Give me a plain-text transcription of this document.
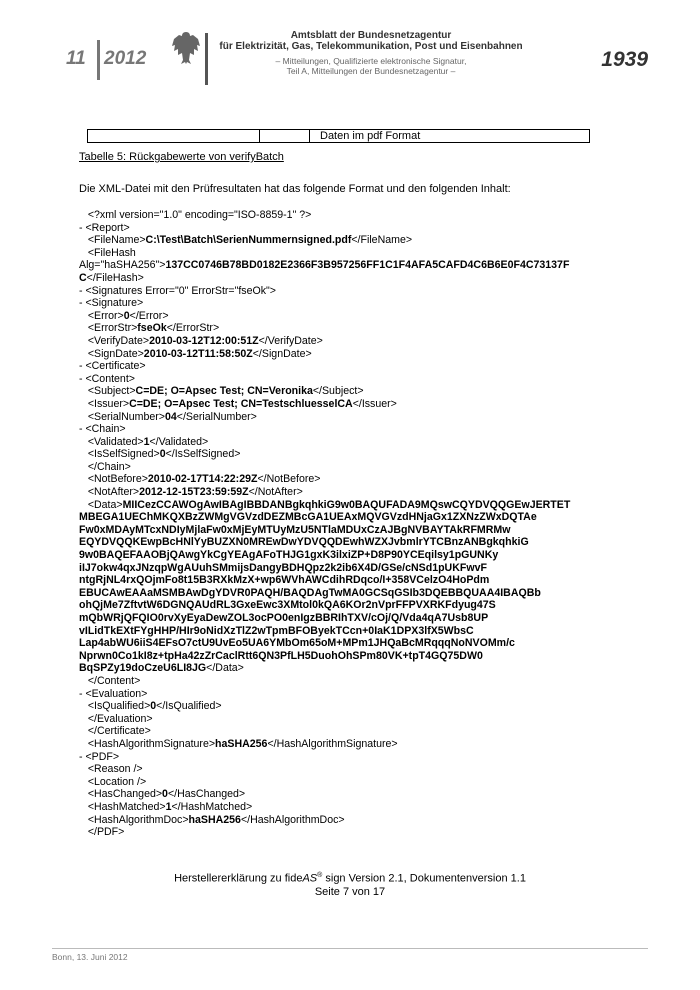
11 2012
Amtsblatt der Bundesnetzagentur
für Elektrizität, Gas, Telekommunikation, Post und Eisenbahnen
– Mitteilungen, Qualifizierte elektronische Signatur,
Teil A, Mitteilungen der Bundesnetzagentur –	1939
Daten im pdf Format
Tabelle 5: Rückgabewerte von verifyBatch
Die XML-Datei mit den Prüfresultaten hat das folgende Format und den folgenden Inhalt:
<?xml version="1.0" encoding="ISO-8859-1" ?>
- <Report>
<FileName>C:\Test\Batch\SerienNummernsigned.pdf</FileName>
<FileHash
Alg="haSHA256">137CC0746B78BD0182E2366F3B957256FF1C1F4AFA5CAFD4C6B6E0F4C73137F
C</FileHash>
- <Signatures Error="0" ErrorStr="fseOk">
- <Signature>
<Error>0</Error>
<ErrorStr>fseOk</ErrorStr>
<VerifyDate>2010-03-12T12:00:51Z</VerifyDate>
<SignDate>2010-03-12T11:58:50Z</SignDate>
- <Certificate>
- <Content>
<Subject>C=DE; O=Apsec Test; CN=Veronika</Subject>
<Issuer>C=DE; O=Apsec Test; CN=TestschluesselCA</Issuer>
<SerialNumber>04</SerialNumber>
- <Chain>
<Validated>1</Validated>
<IsSelfSigned>0</IsSelfSigned>
</Chain>
<NotBefore>2010-02-17T14:22:29Z</NotBefore>
<NotAfter>2012-12-15T23:59:59Z</NotAfter>
<Data>MIICezCCAWOgAwIBAgIBBDANBgkqhkiG9w0BAQUFADA9MQswCQYDVQQGEwJERTET
MBEGA1UEChMKQXBzZWMgVGVzdDEZMBcGA1UEAxMQVGVzdHNjaGx1ZXNzZWxDQTAe
Fw0xMDAyMTcxNDIyMjlaFw0xMjEyMTUyMzU5NTlaMDUxCzAJBgNVBAYTAkRFMRMw
EQYDVQQKEwpBcHNlYyBUZXN0MREwDwYDVQQDEwhWZXJvbmlrYTCBnzANBgkqhkiG
9w0BAQEFAAOBjQAwgYkCgYEAgAFoTHJG1gxK3ilxiZP+D8P90YCEqilsy1pGUNKy
iIJ7okw4qxJNzqpWgAUuhSMmijsDangyBDHQpz2k2ib6X4D/GSe/cNSd1pUKFwvF
ntgRjNL4rxQOjmFo8t15B3RXkMzX+wp6WVhAWCdihRDqco/I+358VCelzO4HoPdm
EBUCAwEAAaMSMBAwDgYDVR0PAQH/BAQDAgTwMA0GCSqGSIb3DQEBBQUAA4IBAQBb
ohQjMe7ZftvtW6DGNQAUdRL3GxeEwc3XMtol0kQA6KOr2nVprFFPVXRKFdyug47S
mQbWRjQFQIO0rvXyEyaDewZOL3ocPO0enIgzBBRIhTXV/cOj/Q/Vda4qA7Usb8UP
vILidTkEXtFYgHHP/HIr9oNidXzTlZ2wTpmBFOByekTCcn+0IaK1DPX3lfX5WbsC
Lap4abWU6iiS4EFsO7ctU9UvEo5UA6YMbOm65oM+MPm1JHQaBcMRqqqNoNVOMm/c
Nprwn0Co1kI8z+tpHa42zZrCaclRtt6QN3PfLH5DuohOhSPm80VK+tpT4GQ75DW0
BqSPZy19doCzeU6LI8JG</Data>
</Content>
- <Evaluation>
<IsQualified>0</IsQualified>
</Evaluation>
</Certificate>
<HashAlgorithmSignature>haSHA256</HashAlgorithmSignature>
- <PDF>
<Reason />
<Location />
<HasChanged>0</HasChanged>
<HashMatched>1</HashMatched>
<HashAlgorithmDoc>haSHA256</HashAlgorithmDoc>
</PDF>
Herstellererklärung zu fideAS® sign Version 2.1, Dokumentenversion 1.1
Seite 7 von 17
Bonn, 13. Juni 2012
